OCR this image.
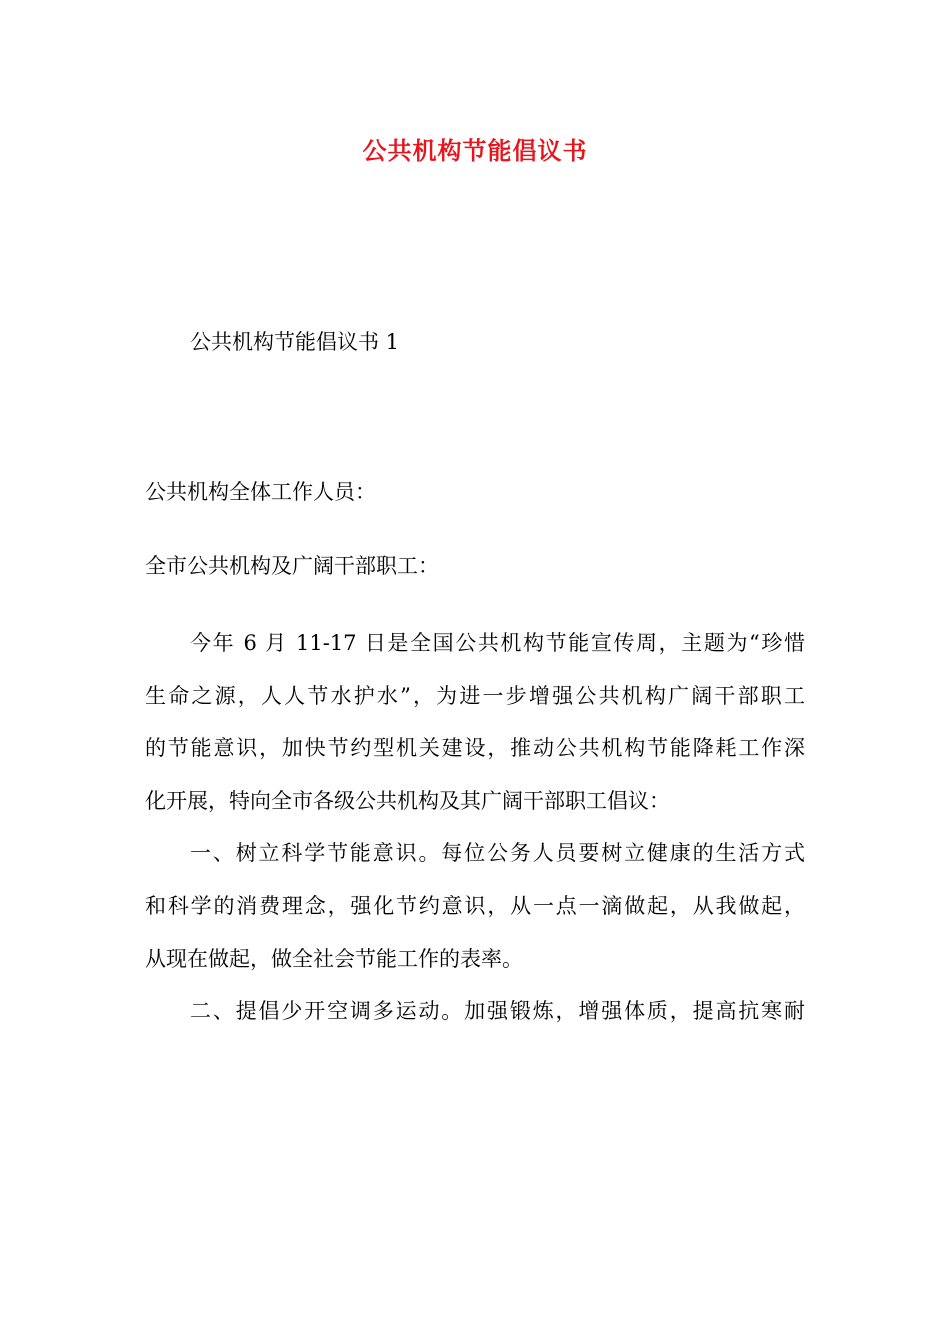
公共机构节能倡议书
公共机构节能倡议书 1
公共机构全体工作人员：
全市公共机构及广阔干部职工：
今年 6 月 11-17 日是全国公共机构节能宣传周，主题为“珍惜
生命之源，人人节水护水”，为进一步增强公共机构广阔干部职工
的节能意识，加快节约型机关建设，推动公共机构节能降耗工作深
化开展，特向全市各级公共机构及其广阔干部职工倡议：
一、树立科学节能意识。每位公务人员要树立健康的生活方式
和科学的消费理念，强化节约意识，从一点一滴做起，从我做起，
从现在做起，做全社会节能工作的表率。
二、提倡少开空调多运动。加强锻炼，增强体质，提高抗寒耐
